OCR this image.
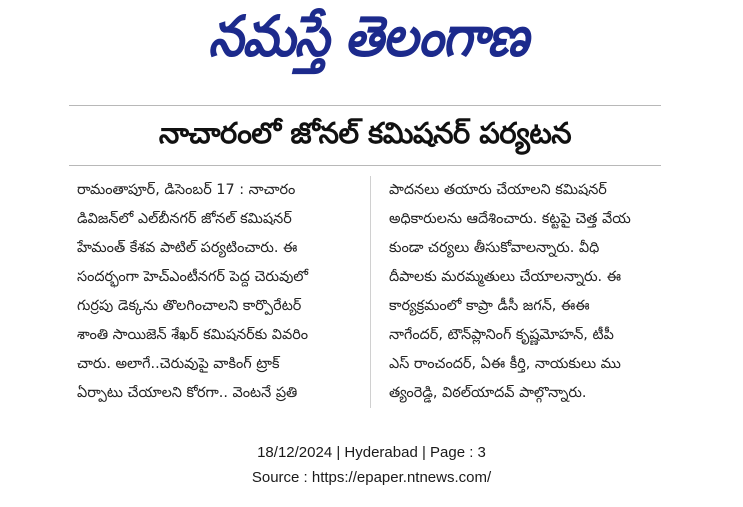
నమస్తే తెలంగాణ
నాచారంలో జోనల్ కమిషనర్ పర్యటన
రామంతాపూర్, డిసెంబర్ 17 : నాచారం
డివిజన్‌లో ఎల్‌బీనగర్ జోనల్ కమిషనర్
హేమంత్ కేశవ పాటిల్ పర్యటించారు. ఈ
సందర్భంగా హెచ్‌ఎంటీనగర్ పెద్ద చెరువులో
గుర్రపు డెక్కను తొలగించాలని కార్పొరేటర్
శాంతి సాయిజెన్ శేఖర్ కమిషనర్‌కు వివరిం
చారు. అలాగే..చెరువుపై వాకింగ్ ట్రాక్
ఏర్పాటు చేయాలని కోరగా.. వెంటనే ప్రతి
పాదనలు తయారు చేయాలని కమిషనర్
అధికారులను ఆదేశించారు. కట్టపై చెత్త వేయ
కుండా చర్యలు తీసుకోవాలన్నారు. వీధి
దీపాలకు మరమ్మతులు చేయాలన్నారు. ఈ
కార్యక్రమంలో కాప్రా డీసీ జగన్, ఈఈ
నాగేందర్, టౌన్‌ప్లానింగ్ కృష్ణమోహన్, టీపీ
ఎస్ రాంచందర్, ఏఈ కీర్తి, నాయకులు ము
త్యంరెడ్డి, విఠల్‌యాదవ్ పాల్గొన్నారు.
18/12/2024 | Hyderabad | Page : 3
Source : https://epaper.ntnews.com/
